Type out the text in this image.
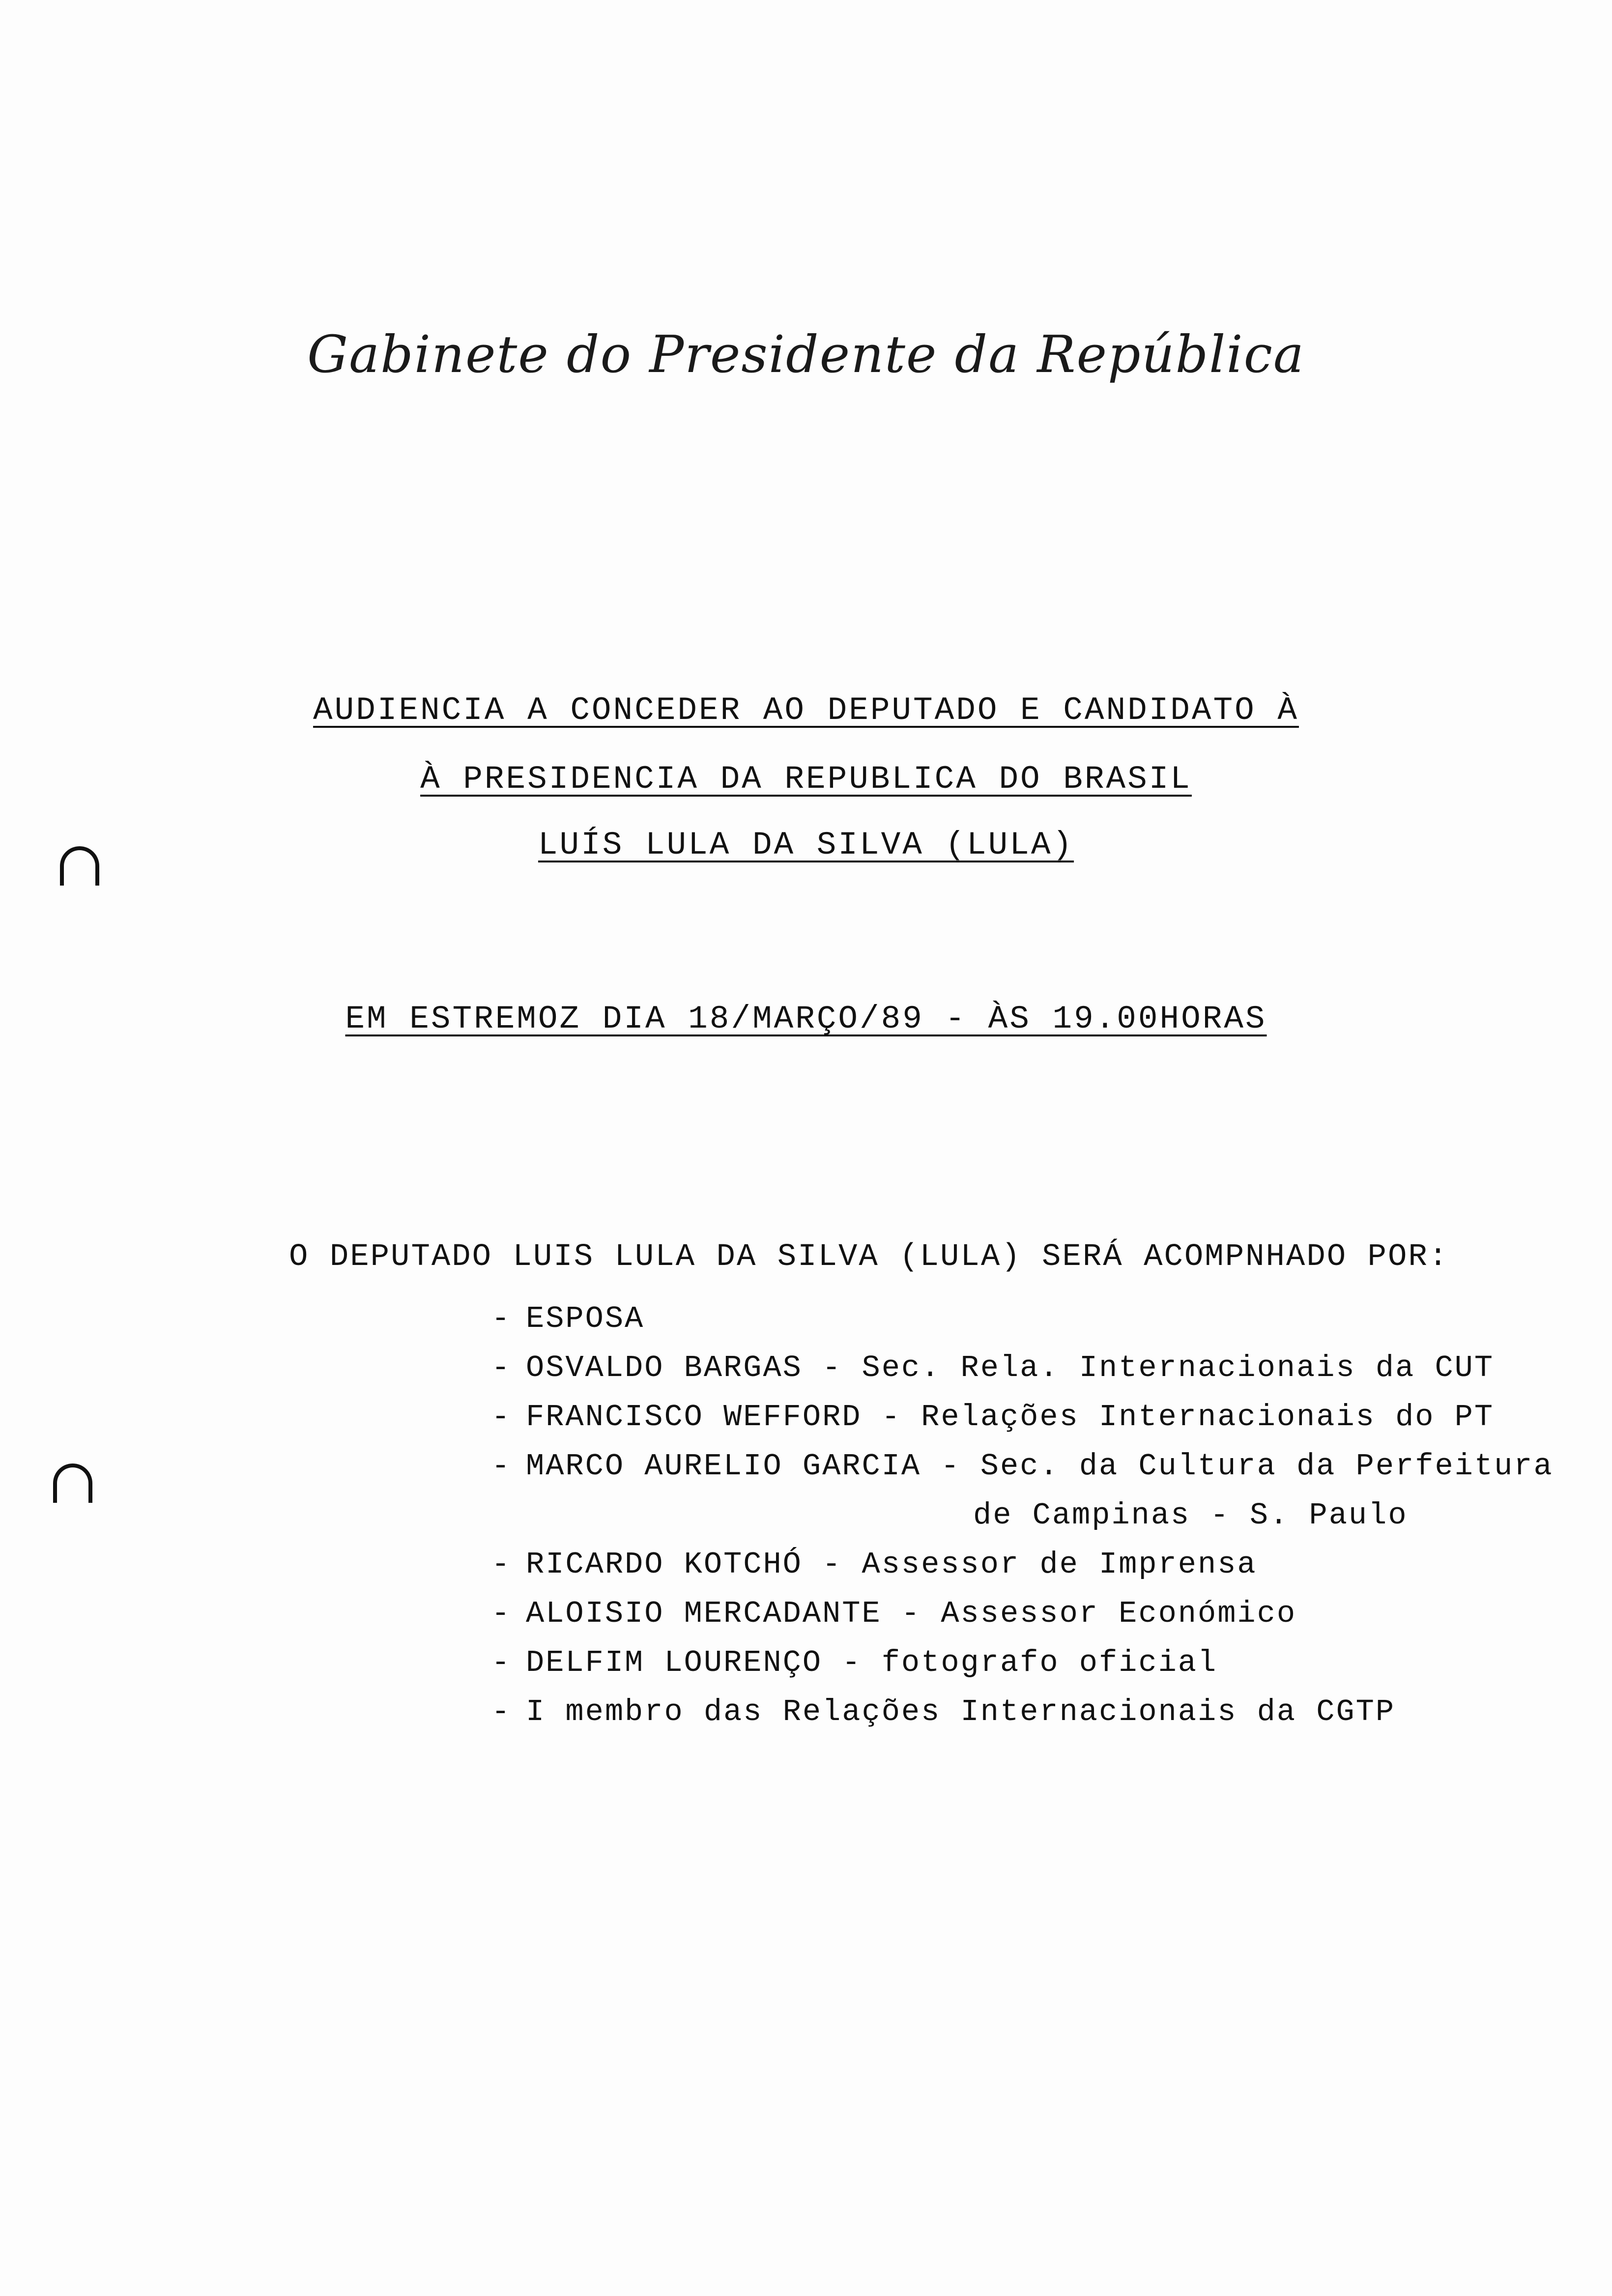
Gabinete do Presidente da República
AUDIENCIA A CONCEDER AO DEPUTADO E CANDIDATO À
À PRESIDENCIA DA REPUBLICA DO BRASIL
LUÍS LULA DA SILVA (LULA)
EM ESTREMOZ DIA 18/MARÇO/89 - ÀS 19.00HORAS
O DEPUTADO LUIS LULA DA SILVA (LULA) SERÁ ACOMPNHADO POR:
- ESPOSA
- OSVALDO BARGAS - Sec. Rela. Internacionais da CUT
- FRANCISCO WEFFORD - Relações Internacionais do PT
- MARCO AURELIO GARCIA - Sec. da Cultura da Perfeitura
de Campinas - S. Paulo
- RICARDO KOTCHÓ - Assessor de Imprensa
- ALOISIO MERCADANTE - Assessor Económico
- DELFIM LOURENÇO - fotografo oficial
- I membro das Relações Internacionais da CGTP
